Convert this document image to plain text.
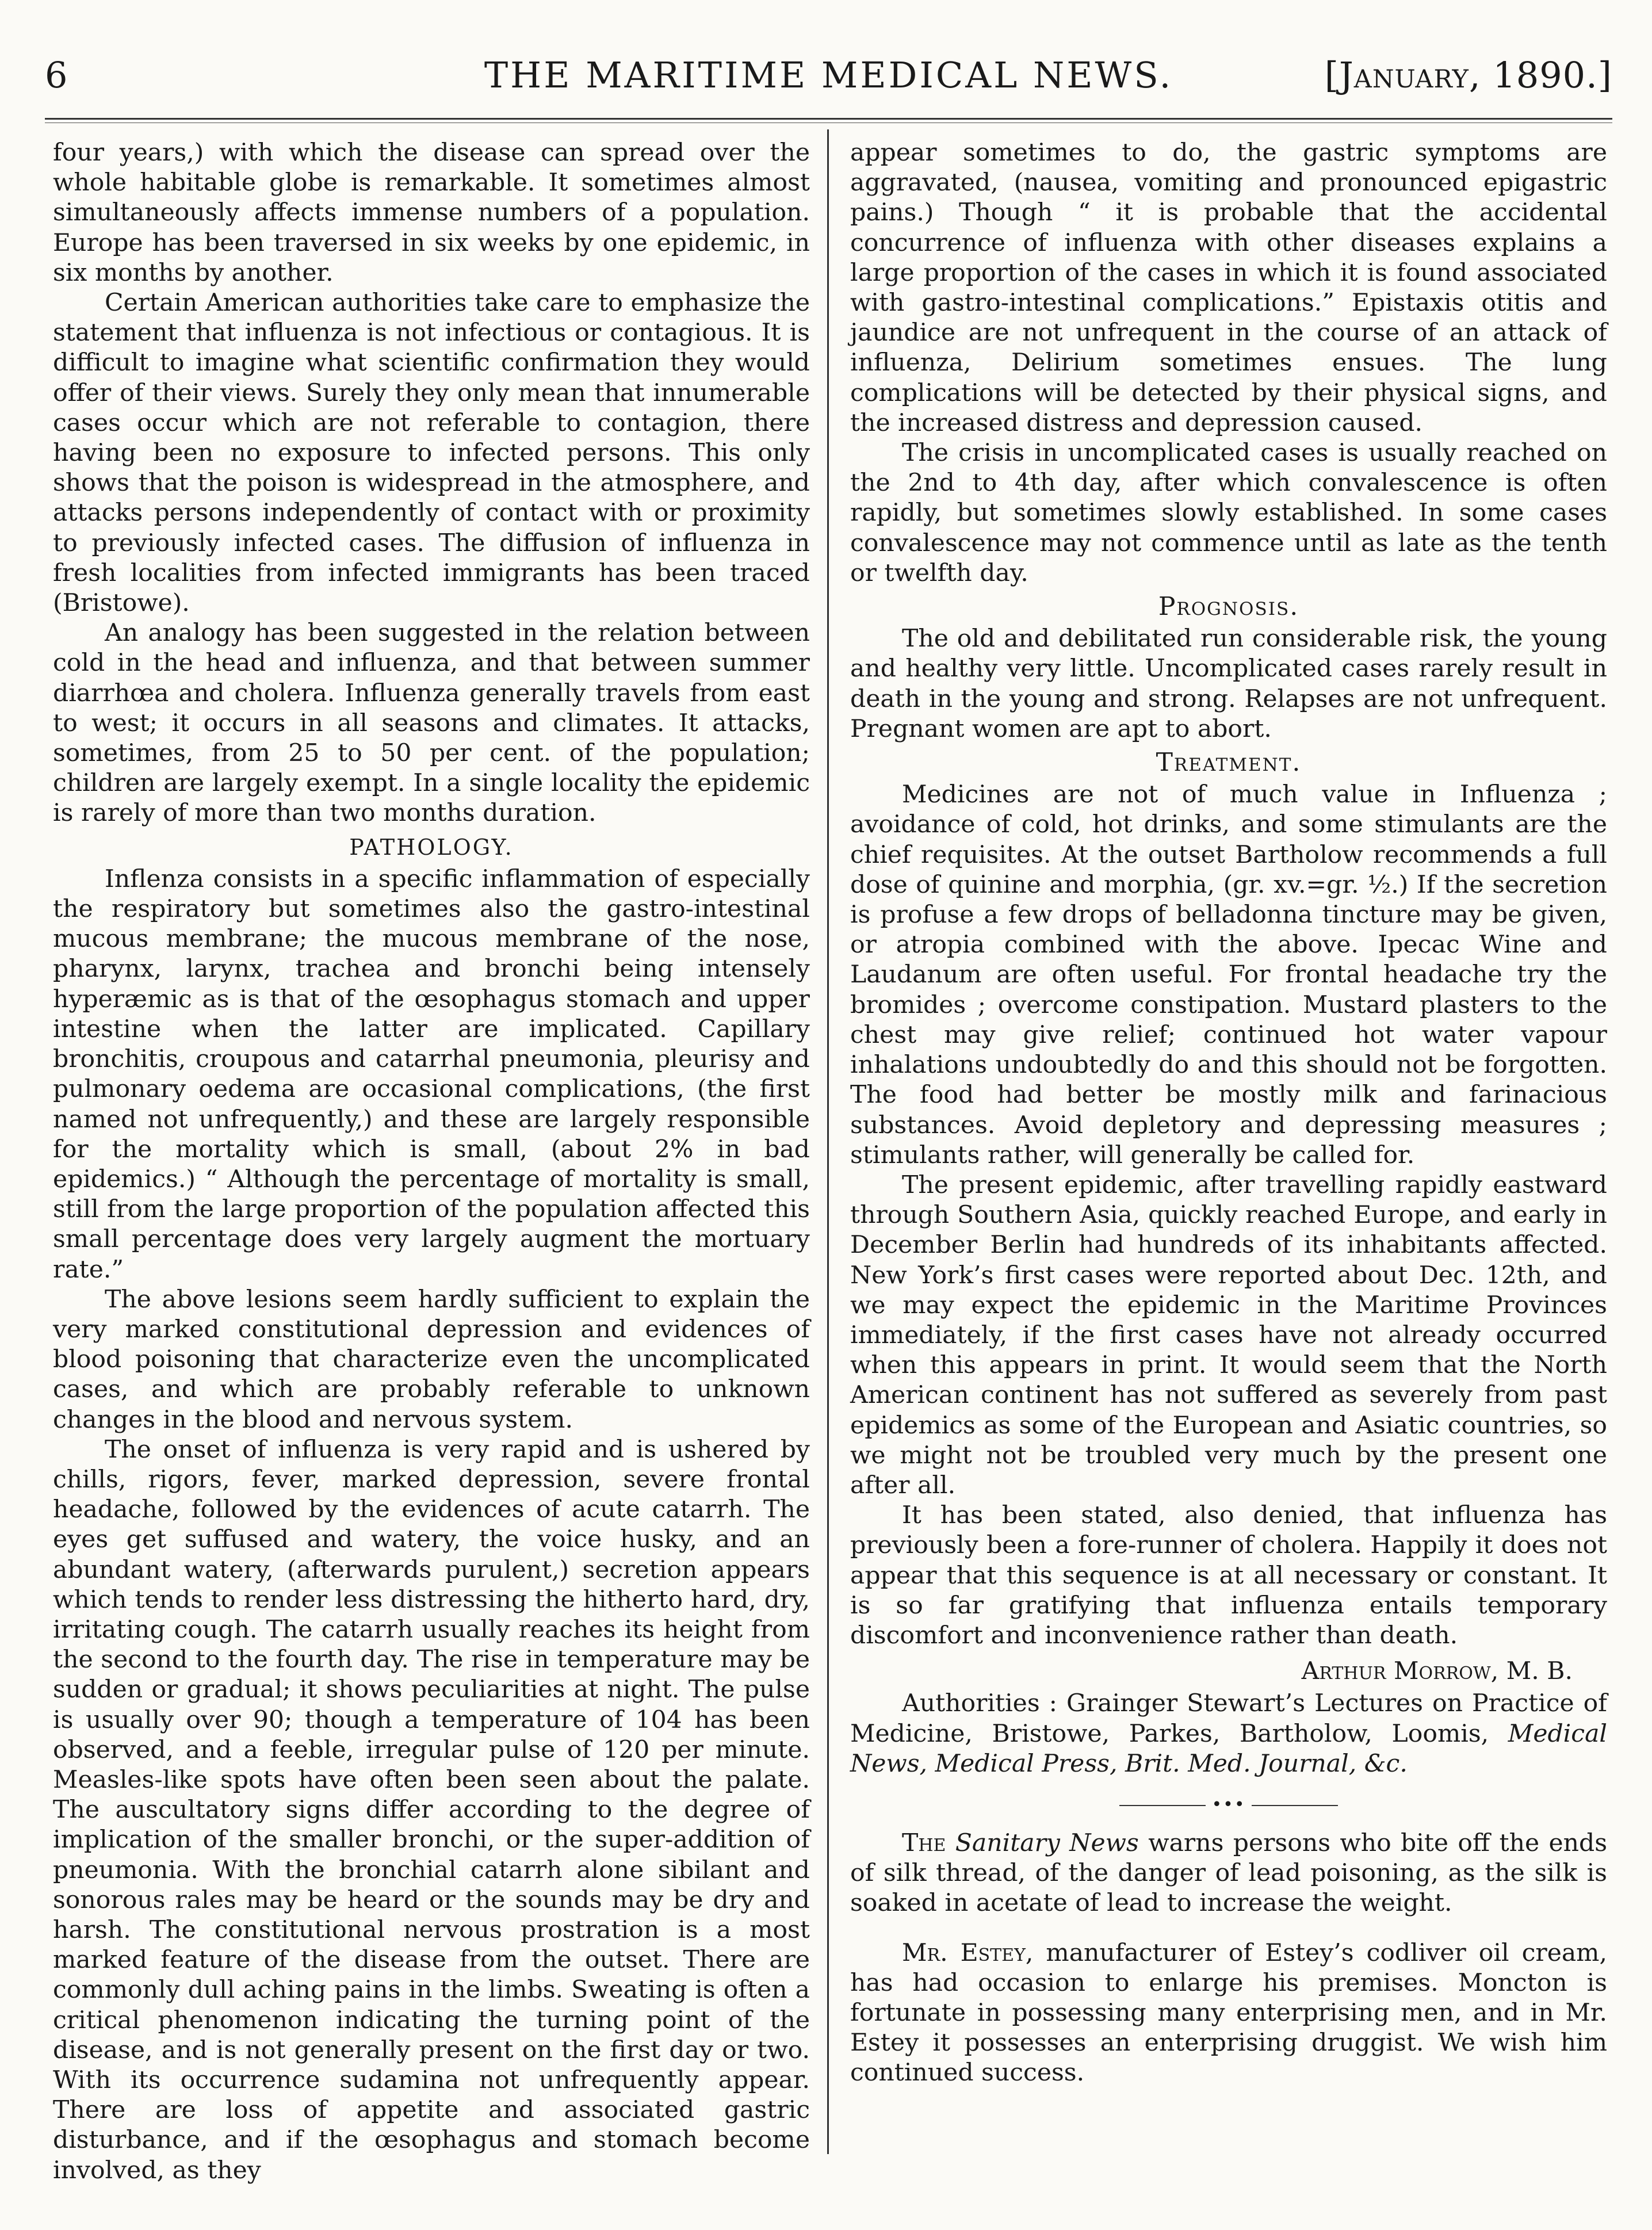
6	THE MARITIME MEDICAL NEWS.	[January, 1890.]

four years,) with which the disease can spread over the whole habitable globe is remarkable. It sometimes almost simultaneously affects immense numbers of a population. Europe has been traversed in six weeks by one epidemic, in six months by another.

Certain American authorities take care to emphasize the statement that influenza is not infectious or contagious. It is difficult to imagine what scientific confirmation they would offer of their views. Surely they only mean that innumerable cases occur which are not referable to contagion, there having been no exposure to infected persons. This only shows that the poison is widespread in the atmosphere, and attacks persons independently of contact with or proximity to previously infected cases. The diffusion of influenza in fresh localities from infected immigrants has been traced (Bristowe).

An analogy has been suggested in the relation between cold in the head and influenza, and that between summer diarrhœa and cholera. Influenza generally travels from east to west; it occurs in all seasons and climates. It attacks, sometimes, from 25 to 50 per cent. of the population; children are largely exempt. In a single locality the epidemic is rarely of more than two months duration.

PATHOLOGY.

Inflenza consists in a specific inflammation of especially the respiratory but sometimes also the gastro-intestinal mucous membrane; the mucous membrane of the nose, pharynx, larynx, trachea and bronchi being intensely hyperæmic as is that of the œsophagus stomach and upper intestine when the latter are implicated. Capillary bronchitis, croupous and catarrhal pneumonia, pleurisy and pulmonary oedema are occasional complications, (the first named not unfrequently,) and these are largely responsible for the mortality which is small, (about 2% in bad epidemics.) “ Although the percentage of mortality is small, still from the large proportion of the population affected this small percentage does very largely augment the mortuary rate.”

The above lesions seem hardly sufficient to explain the very marked constitutional depression and evidences of blood poisoning that characterize even the uncomplicated cases, and which are probably referable to unknown changes in the blood and nervous system.

The onset of influenza is very rapid and is ushered by chills, rigors, fever, marked depression, severe frontal headache, followed by the evidences of acute catarrh. The eyes get suffused and watery, the voice husky, and an abundant watery, (afterwards purulent,) secretion appears which tends to render less distressing the hitherto hard, dry, irritating cough. The catarrh usually reaches its height from the second to the fourth day. The rise in temperature may be sudden or gradual; it shows peculiarities at night. The pulse is usually over 90; though a temperature of 104 has been observed, and a feeble, irregular pulse of 120 per minute. Measles-like spots have often been seen about the palate. The auscultatory signs differ according to the degree of implication of the smaller bronchi, or the super-addition of pneumonia. With the bronchial catarrh alone sibilant and sonorous rales may be heard or the sounds may be dry and harsh. The constitutional nervous prostration is a most marked feature of the disease from the outset. There are commonly dull aching pains in the limbs. Sweating is often a critical phenomenon indicating the turning point of the disease, and is not generally present on the first day or two. With its occurrence sudamina not unfrequently appear. There are loss of appetite and associated gastric disturbance, and if the œsophagus and stomach become involved, as they

appear sometimes to do, the gastric symptoms are aggravated, (nausea, vomiting and pronounced epigastric pains.) Though “ it is probable that the accidental concurrence of influenza with other diseases explains a large proportion of the cases in which it is found associated with gastro-intestinal complications.” Epistaxis otitis and jaundice are not unfrequent in the course of an attack of influenza, Delirium sometimes ensues. The lung complications will be detected by their physical signs, and the increased distress and depression caused.

The crisis in uncomplicated cases is usually reached on the 2nd to 4th day, after which convalescence is often rapidly, but sometimes slowly established. In some cases convalescence may not commence until as late as the tenth or twelfth day.

Prognosis.

The old and debilitated run considerable risk, the young and healthy very little. Uncomplicated cases rarely result in death in the young and strong. Relapses are not unfrequent. Pregnant women are apt to abort.

Treatment.

Medicines are not of much value in Influenza ; avoidance of cold, hot drinks, and some stimulants are the chief requisites. At the outset Bartholow recommends a full dose of quinine and morphia, (gr. xv.=gr. ½.) If the secretion is profuse a few drops of belladonna tincture may be given, or atropia combined with the above. Ipecac Wine and Laudanum are often useful. For frontal headache try the bromides ; overcome constipation. Mustard plasters to the chest may give relief; continued hot water vapour inhalations undoubtedly do and this should not be forgotten. The food had better be mostly milk and farinacious substances. Avoid depletory and depressing measures ; stimulants rather, will generally be called for.

The present epidemic, after travelling rapidly eastward through Southern Asia, quickly reached Europe, and early in December Berlin had hundreds of its inhabitants affected. New York’s first cases were reported about Dec. 12th, and we may expect the epidemic in the Maritime Provinces immediately, if the first cases have not already occurred when this appears in print. It would seem that the North American continent has not suffered as severely from past epidemics as some of the European and Asiatic countries, so we might not be troubled very much by the present one after all.

It has been stated, also denied, that influenza has previously been a fore-runner of cholera. Happily it does not appear that this sequence is at all necessary or constant. It is so far gratifying that influenza entails temporary discomfort and inconvenience rather than death.

Arthur Morrow, M. B.

Authorities : Grainger Stewart’s Lectures on Practice of Medicine, Bristowe, Parkes, Bartholow, Loomis, Medical News, Medical Press, Brit. Med. Journal, &c.

•••

The Sanitary News warns persons who bite off the ends of silk thread, of the danger of lead poisoning, as the silk is soaked in acetate of lead to increase the weight.

Mr. Estey, manufacturer of Estey’s codliver oil cream, has had occasion to enlarge his premises. Moncton is fortunate in possessing many enterprising men, and in Mr. Estey it possesses an enterprising druggist. We wish him continued success.
